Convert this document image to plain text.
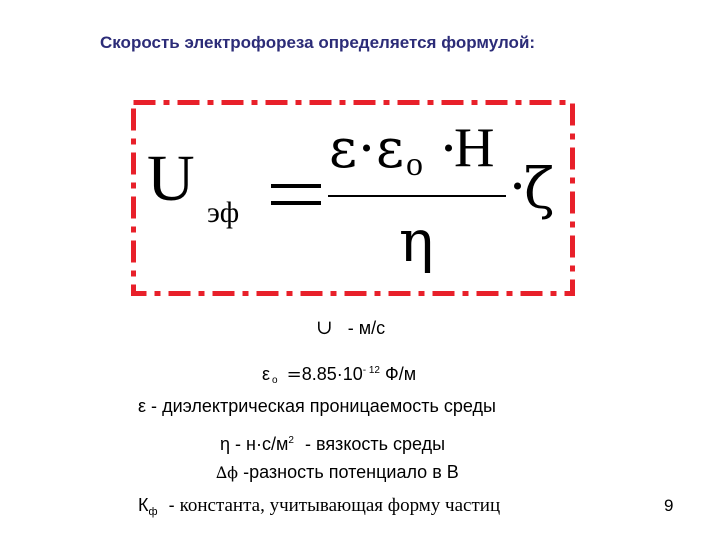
Скорость электрофореза определяется формулой:
U эф
ε · ε o ·
H
η
·
ζ
∪ - м/с
$\varepsilon o =8.85\cdot 10^{- 12}$ Ф/м
ε - диэлектрическая проницаемость среды
$\eta - н\cdot с/м^2$ - вязкость среды
∆ϕ -разность потенциало в В
$К_ф$ - константа, учитывающая форму частиц	9
